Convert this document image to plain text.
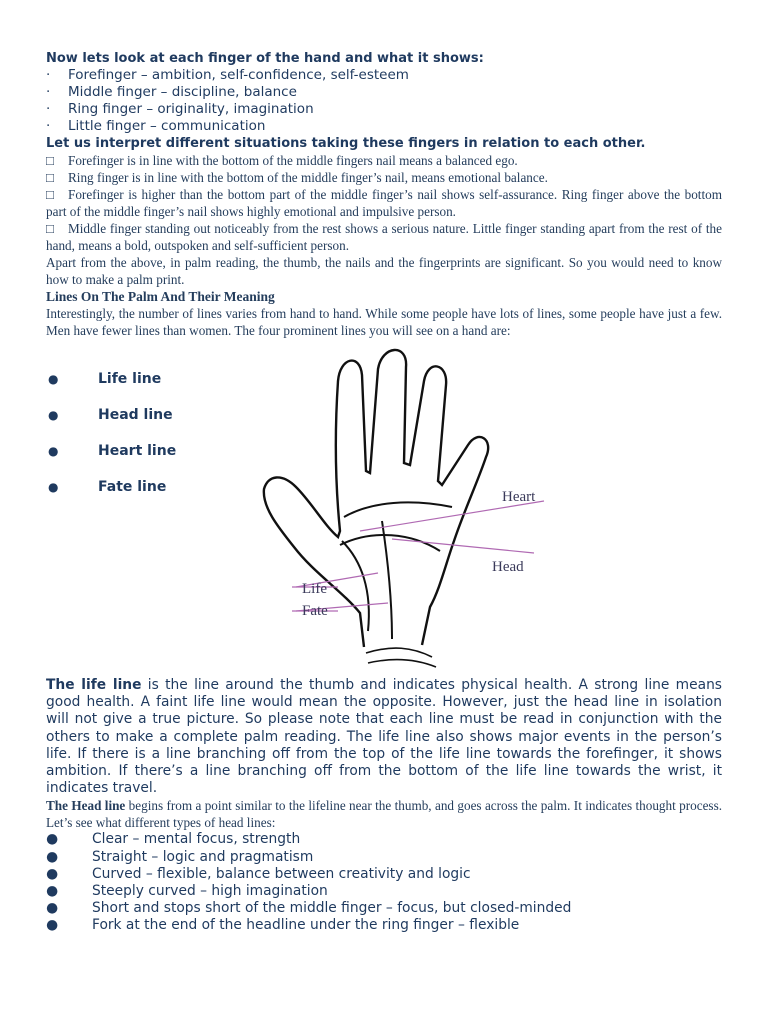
Now lets look at each finger of the hand and what it shows:
·	Forefinger – ambition, self-confidence, self-esteem
·	Middle finger – discipline, balance
·	Ring finger – originality, imagination
·	Little finger – communication
Let us interpret different situations taking these fingers in relation to each other.
□ Forefinger is in line with the bottom of the middle fingers nail means a balanced ego.
□ Ring finger is in line with the bottom of the middle finger’s nail, means emotional balance.
□ Forefinger is higher than the bottom part of the middle finger’s nail shows self-assurance. Ring finger above the bottom part of the middle finger’s nail shows highly emotional and impulsive person.
□ Middle finger standing out noticeably from the rest shows a serious nature. Little finger standing apart from the rest of the hand, means a bold, outspoken and self-sufficient person.
Apart from the above, in palm reading, the thumb, the nails and the fingerprints are significant. So you would need to know how to make a palm print.
Lines On The Palm And Their Meaning
Interestingly, the number of lines varies from hand to hand. While some people have lots of lines, some people have just a few. Men have fewer lines than women. The four prominent lines you will see on a hand are:
●	Life line
●	Head line
●	Heart line
●	Fate line
Heart
Head
Life
Fate
The life line is the line around the thumb and indicates physical health. A strong line means good health. A faint life line would mean the opposite. However, just the head line in isolation will not give a true picture. So please note that each line must be read in conjunction with the others to make a complete palm reading. The life line also shows major events in the person’s life. If there is a line branching off from the top of the life line towards the forefinger, it shows ambition. If there’s a line branching off from the bottom of the life line towards the wrist, it indicates travel.
The Head line begins from a point similar to the lifeline near the thumb, and goes across the palm. It indicates thought process. Let’s see what different types of head lines:
●	Clear – mental focus, strength
●	Straight – logic and pragmatism
●	Curved – flexible, balance between creativity and logic
●	Steeply curved – high imagination
●	Short and stops short of the middle finger – focus, but closed-minded
●	Fork at the end of the headline under the ring finger – flexible
